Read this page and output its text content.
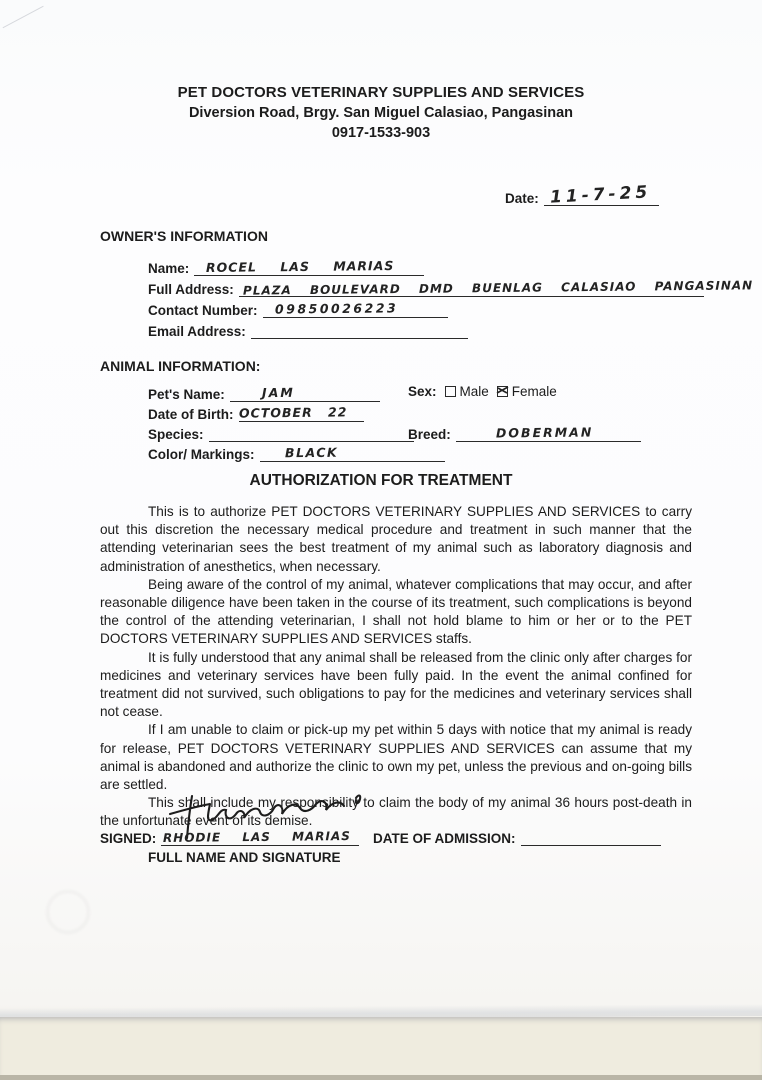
PET DOCTORS VETERINARY SUPPLIES AND SERVICES
Diversion Road, Brgy. San Miguel Calasiao, Pangasinan
0917-1533-903
Date: 11-7-25
OWNER'S INFORMATION
Name: ROCEL LAS MARIAS
Full Address: PLAZA BOULEVARD DMD BUENLAG CALASIAO PANGASINAN
Contact Number: 09850026223
Email Address:
ANIMAL INFORMATION:
Pet's Name:	JAM	Sex: Male Female
Date of Birth: OCTOBER 22
Species:	Breed:	DOBERMAN
Color/ Markings: BLACK
AUTHORIZATION FOR TREATMENT

This is to authorize PET DOCTORS VETERINARY SUPPLIES AND SERVICES to carry out this discretion the necessary medical procedure and treatment in such manner that the attending veterinarian sees the best treatment of my animal such as laboratory diagnosis and administration of anesthetics, when necessary.

Being aware of the control of my animal, whatever complications that may occur, and after reasonable diligence have been taken in the course of its treatment, such complications is beyond the control of the attending veterinarian, I shall not hold blame to him or her or to the PET DOCTORS VETERINARY SUPPLIES AND SERVICES staffs.

It is fully understood that any animal shall be released from the clinic only after charges for medicines and veterinary services have been fully paid. In the event the animal confined for treatment did not survived, such obligations to pay for the medicines and veterinary services shall not cease.

If I am unable to claim or pick-up my pet within 5 days with notice that my animal is ready for release, PET DOCTORS VETERINARY SUPPLIES AND SERVICES can assume that my animal is abandoned and authorize the clinic to own my pet, unless the previous and on-going bills are settled.

This shall include my responsibility to claim the body of my animal 36 hours post-death in the unfortunate event of its demise.

SIGNED: RHODIE LAS MARIAS
FULL NAME AND SIGNATURE
DATE OF ADMISSION:
